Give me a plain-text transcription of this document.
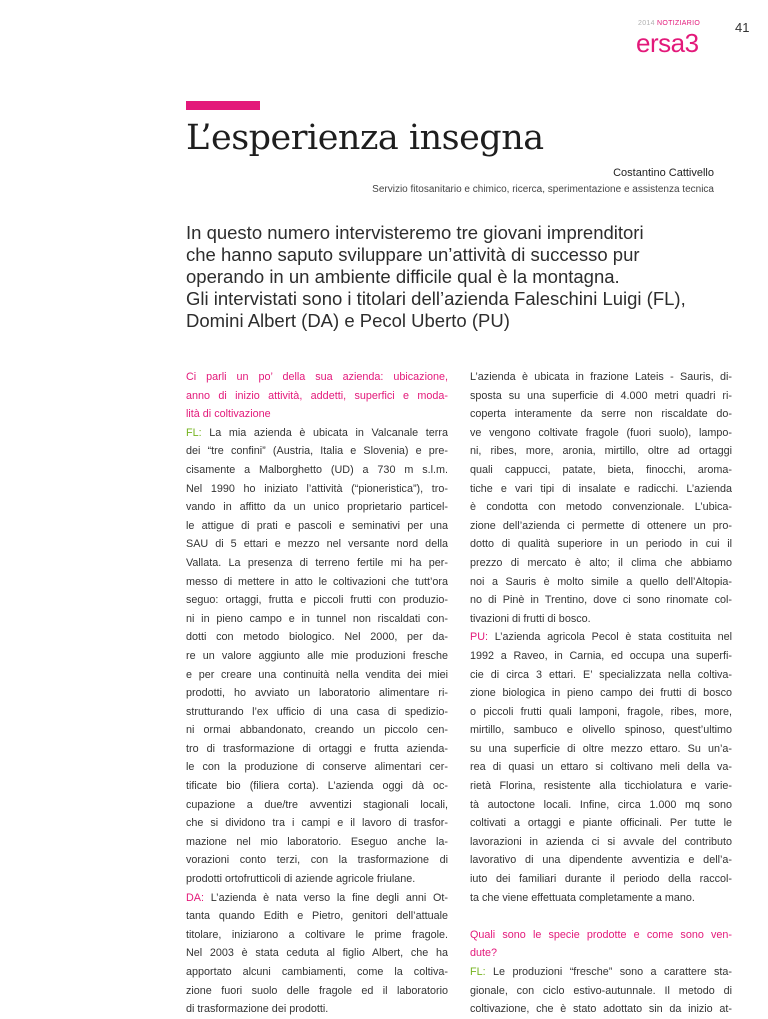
2014 NOTIZIARIO
ersa3
41
L’esperienza insegna
Costantino Cattivello
Servizio fitosanitario e chimico, ricerca, sperimentazione e assistenza tecnica
In questo numero intervisteremo tre giovani imprenditori
che hanno saputo sviluppare un’attività di successo pur
operando in un ambiente difficile qual è la montagna.
Gli intervistati sono i titolari dell’azienda Faleschini Luigi (FL),
Domini Albert (DA) e Pecol Uberto (PU)
Ci parli un po’ della sua azienda: ubicazione,
anno di inizio attività, addetti, superfici e moda-
lità di coltivazione
FL: La mia azienda è ubicata in Valcanale terra
dei “tre confini” (Austria, Italia e Slovenia) e pre-
cisamente a Malborghetto (UD) a 730 m s.l.m.
Nel 1990 ho iniziato l’attività (“pioneristica”), tro-
vando in affitto da un unico proprietario particel-
le attigue di prati e pascoli e seminativi per una
SAU di 5 ettari e mezzo nel versante nord della
Vallata. La presenza di terreno fertile mi ha per-
messo di mettere in atto le coltivazioni che tutt’ora
seguo: ortaggi, frutta e piccoli frutti con produzio-
ni in pieno campo e in tunnel non riscaldati con-
dotti con metodo biologico. Nel 2000, per da-
re un valore aggiunto alle mie produzioni fresche
e per creare una continuità nella vendita dei miei
prodotti, ho avviato un laboratorio alimentare ri-
strutturando l’ex ufficio di una casa di spedizio-
ni ormai abbandonato, creando un piccolo cen-
tro di trasformazione di ortaggi e frutta azienda-
le con la produzione di conserve alimentari cer-
tificate bio (filiera corta). L’azienda oggi dà oc-
cupazione a due/tre avventizi stagionali locali,
che si dividono tra i campi e il lavoro di trasfor-
mazione nel mio laboratorio. Eseguo anche la-
vorazioni conto terzi, con la trasformazione di
prodotti ortofrutticoli di aziende agricole friulane.
DA: L’azienda è nata verso la fine degli anni Ot-
tanta quando Edith e Pietro, genitori dell’attuale
titolare, iniziarono a coltivare le prime fragole.
Nel 2003 è stata ceduta al figlio Albert, che ha
apportato alcuni cambiamenti, come la coltiva-
zione fuori suolo delle fragole ed il laboratorio
di trasformazione dei prodotti.
L’azienda è ubicata in frazione Lateis - Sauris, di-
sposta su una superficie di 4.000 metri quadri ri-
coperta interamente da serre non riscaldate do-
ve vengono coltivate fragole (fuori suolo), lampo-
ni, ribes, more, aronia, mirtillo, oltre ad ortaggi
quali cappucci, patate, bieta, finocchi, aroma-
tiche e vari tipi di insalate e radicchi. L’azienda
è condotta con metodo convenzionale. L’ubica-
zione dell’azienda ci permette di ottenere un pro-
dotto di qualità superiore in un periodo in cui il
prezzo di mercato è alto; il clima che abbiamo
noi a Sauris è molto simile a quello dell’Altopia-
no di Pinè in Trentino, dove ci sono rinomate col-
tivazioni di frutti di bosco.
PU: L’azienda agricola Pecol è stata costituita nel
1992 a Raveo, in Carnia, ed occupa una superfi-
cie di circa 3 ettari. E’ specializzata nella coltiva-
zione biologica in pieno campo dei frutti di bosco
o piccoli frutti quali lamponi, fragole, ribes, more,
mirtillo, sambuco e olivello spinoso, quest’ultimo
su una superficie di oltre mezzo ettaro. Su un’a-
rea di quasi un ettaro si coltivano meli della va-
rietà Florina, resistente alla ticchiolatura e varie-
tà autoctone locali. Infine, circa 1.000 mq sono
coltivati a ortaggi e piante officinali. Per tutte le
lavorazioni in azienda ci si avvale del contributo
lavorativo di una dipendente avventizia e dell’a-
iuto dei familiari durante il periodo della raccol-
ta che viene effettuata completamente a mano.
Quali sono le specie prodotte e come sono ven-
dute?
FL: Le produzioni “fresche” sono a carattere sta-
gionale, con ciclo estivo-autunnale. Il metodo di
coltivazione, che è stato adottato sin da inizio at-
